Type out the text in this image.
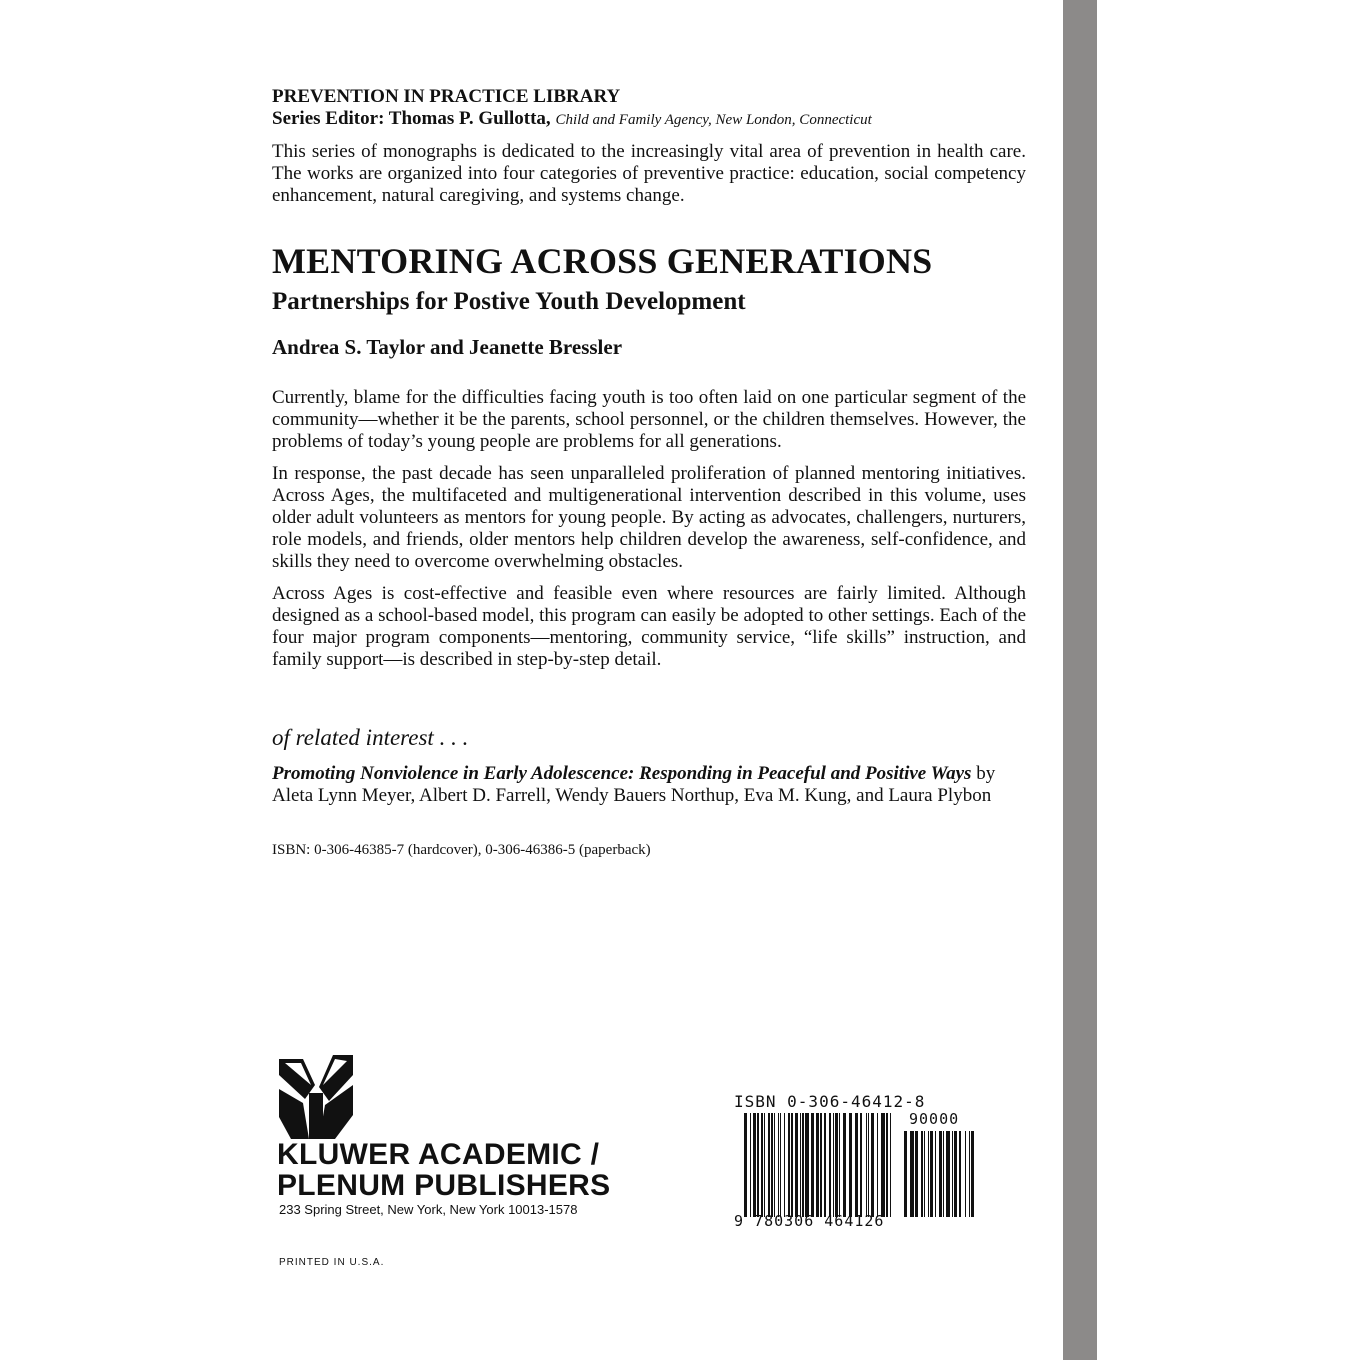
PREVENTION IN PRACTICE LIBRARY
Series Editor: Thomas P. Gullotta, Child and Family Agency, New London, Connecticut

This series of monographs is dedicated to the increasingly vital area of prevention in health care. The works are organized into four categories of preventive practice: education, social competency enhancement, natural caregiving, and systems change.

MENTORING ACROSS GENERATIONS
Partnerships for Postive Youth Development
Andrea S. Taylor and Jeanette Bressler

Currently, blame for the difficulties facing youth is too often laid on one particular segment of the community—whether it be the parents, school personnel, or the children themselves. However, the problems of today’s young people are problems for all generations.

In response, the past decade has seen unparalleled proliferation of planned mentoring initiatives. Across Ages, the multifaceted and multigenerational intervention described in this volume, uses older adult volunteers as mentors for young people. By acting as advocates, challengers, nurturers, role models, and friends, older mentors help children develop the awareness, self-confidence, and skills they need to overcome overwhelming obstacles.

Across Ages is cost-effective and feasible even where resources are fairly limited. Although designed as a school-based model, this program can easily be adopted to other settings. Each of the four major program components—mentoring, community service, “life skills” instruction, and family support—is described in step-by-step detail.

of related interest . . .
Promoting Nonviolence in Early Adolescence: Responding in Peaceful and Positive Ways by Aleta Lynn Meyer, Albert D. Farrell, Wendy Bauers Northup, Eva M. Kung, and Laura Plybon
ISBN: 0-306-46385-7 (hardcover), 0-306-46386-5 (paperback)
KLUWER ACADEMIC /
PLENUM PUBLISHERS
233 Spring Street, New York, New York 10013-1578
PRINTED IN U.S.A.
ISBN 0-306-46412-8
90000
9 780306 464126
